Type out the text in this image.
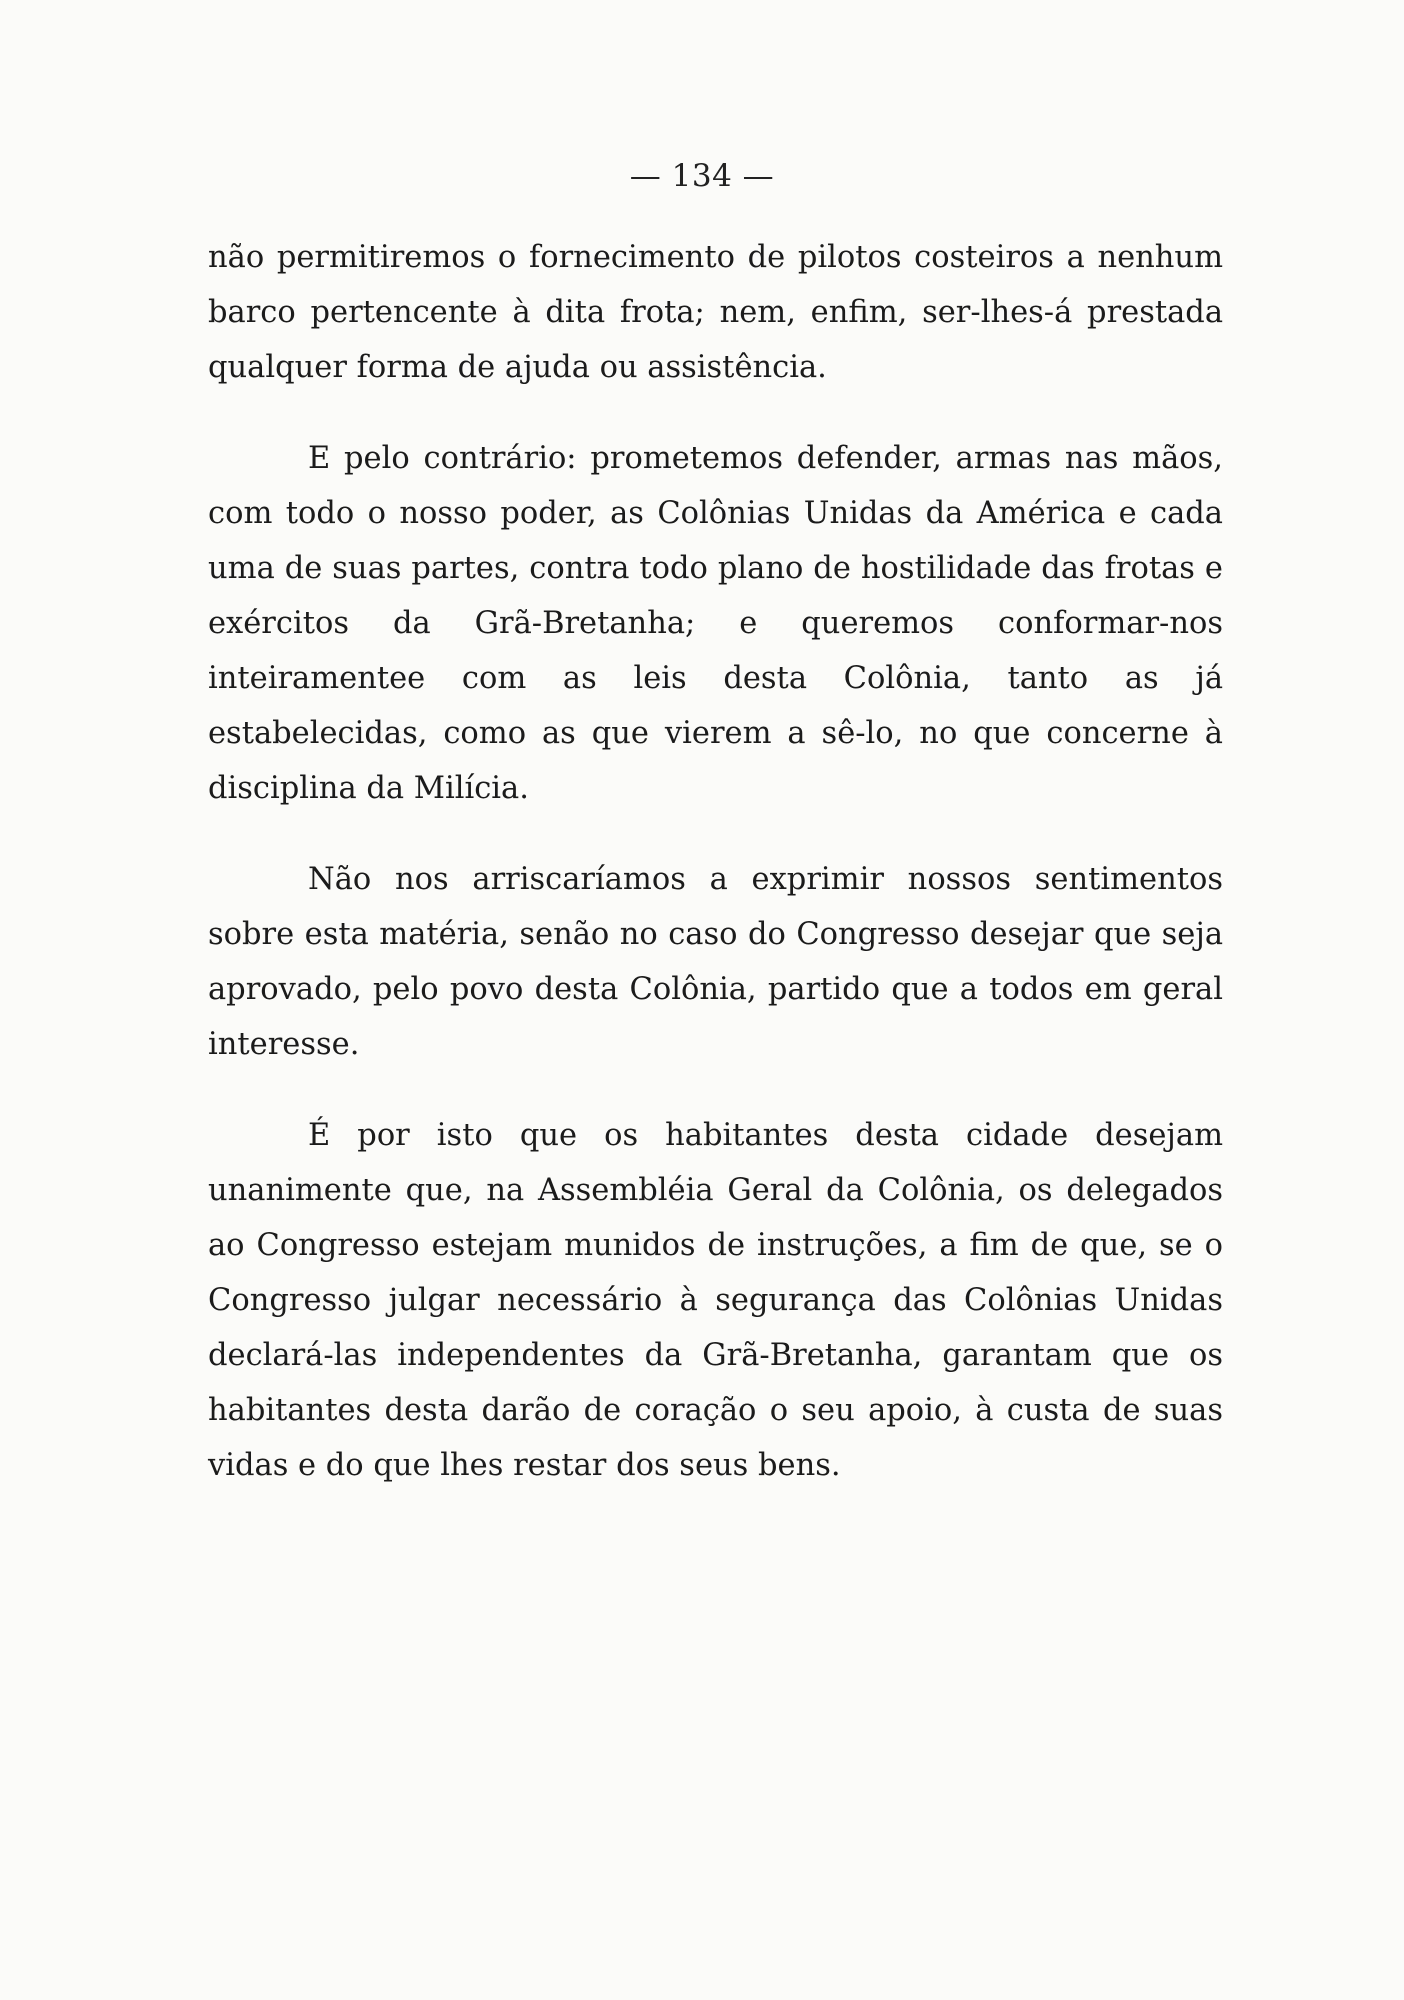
— 134 —

não permitiremos o fornecimento de pilotos costeiros a nenhum barco pertencente à dita frota; nem, enfim, ser-lhes-á prestada qualquer forma de ajuda ou assistência.

E pelo contrário: prometemos defender, armas nas mãos, com todo o nosso poder, as Colônias Unidas da América e cada uma de suas partes, contra todo plano de hostilidade das frotas e exércitos da Grã-Bretanha; e queremos conformar-nos inteiramentee com as leis desta Colônia, tanto as já estabelecidas, como as que vierem a sê-lo, no que concerne à disciplina da Milícia.

Não nos arriscaríamos a exprimir nossos sentimentos sobre esta matéria, senão no caso do Congresso desejar que seja aprovado, pelo povo desta Colônia, partido que a todos em geral interesse.

É por isto que os habitantes desta cidade desejam unanimente que, na Assembléia Geral da Colônia, os delegados ao Congresso estejam munidos de instruções, a fim de que, se o Congresso julgar necessário à segurança das Colônias Unidas declará-las independentes da Grã-Bretanha, garantam que os habitantes desta darão de coração o seu apoio, à custa de suas vidas e do que lhes restar dos seus bens.
